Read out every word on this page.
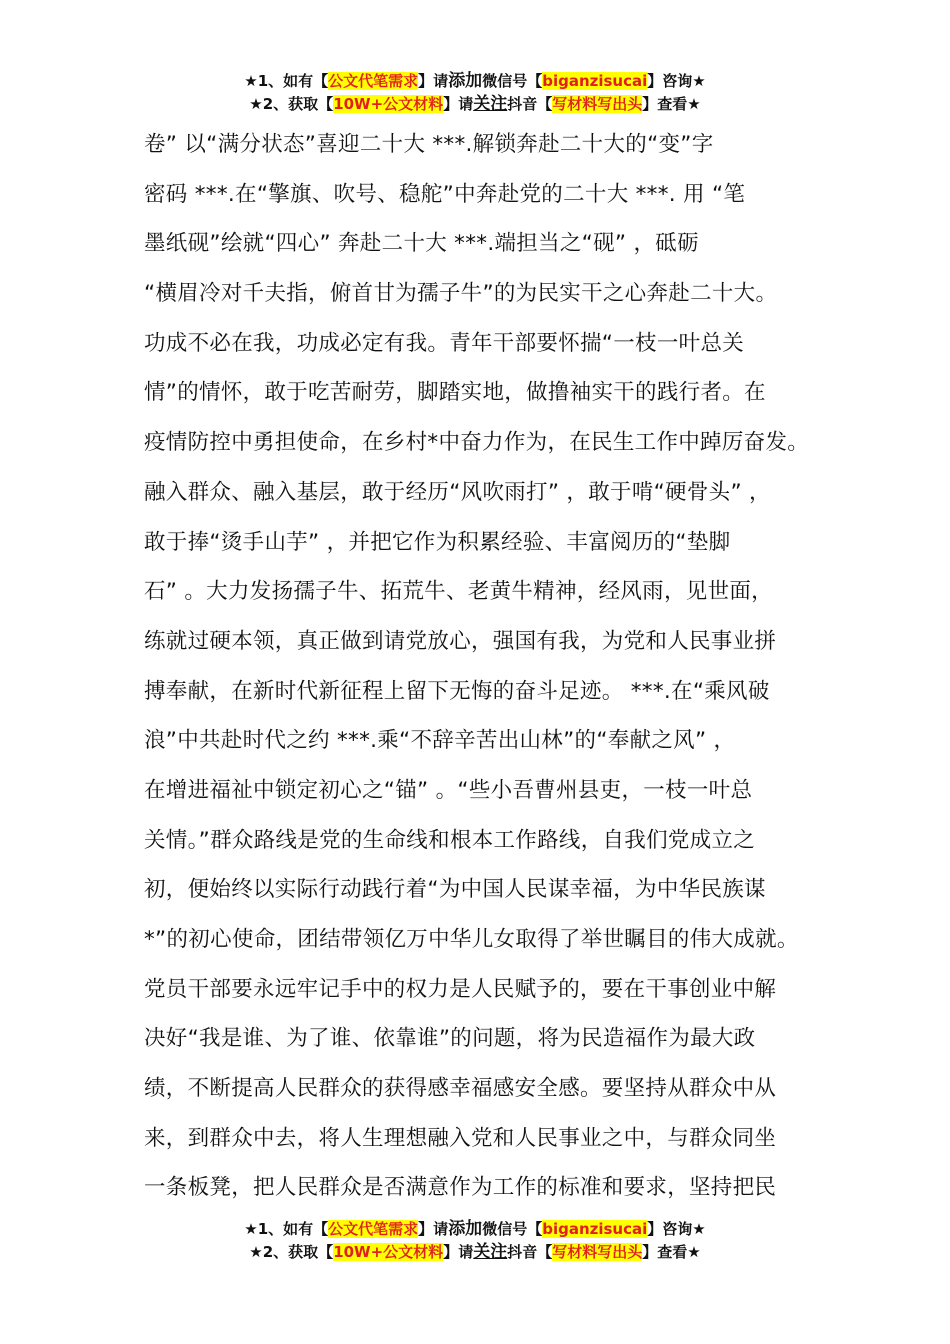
★1、如有【公文代笔需求】请添加微信号【biganzisucai】咨询★
★2、获取【10W+公文材料】请关注抖音【写材料写出头】查看★
卷” 以“满分状态”喜迎二十大 ***.解锁奔赴二十大的“变”字
密码 ***.在“擎旗、吹号、稳舵”中奔赴党的二十大 ***. 用 “笔
墨纸砚”绘就“四心” 奔赴二十大 ***.端担当之“砚” ，砥砺
“横眉冷对千夫指，俯首甘为孺子牛”的为民实干之心奔赴二十大。
功成不必在我，功成必定有我。青年干部要怀揣“一枝一叶总关
情”的情怀，敢于吃苦耐劳，脚踏实地，做撸袖实干的践行者。在
疫情防控中勇担使命，在乡村*中奋力作为，在民生工作中踔厉奋发。
融入群众、融入基层，敢于经历“风吹雨打” ，敢于啃“硬骨头” ，
敢于捧“烫手山芋” ，并把它作为积累经验、丰富阅历的“垫脚
石” 。大力发扬孺子牛、拓荒牛、老黄牛精神，经风雨，见世面，
练就过硬本领，真正做到请党放心，强国有我，为党和人民事业拼
搏奉献，在新时代新征程上留下无悔的奋斗足迹。 ***.在“乘风破
浪”中共赴时代之约 ***.乘“不辞辛苦出山林”的“奉献之风” ，
在增进福祉中锁定初心之“锚” 。“些小吾曹州县吏，一枝一叶总
关情。”群众路线是党的生命线和根本工作路线，自我们党成立之
初，便始终以实际行动践行着“为中国人民谋幸福，为中华民族谋
*”的初心使命，团结带领亿万中华儿女取得了举世瞩目的伟大成就。
党员干部要永远牢记手中的权力是人民赋予的，要在干事创业中解
决好“我是谁、为了谁、依靠谁”的问题，将为民造福作为最大政
绩，不断提高人民群众的获得感幸福感安全感。要坚持从群众中从
来，到群众中去，将人生理想融入党和人民事业之中，与群众同坐
一条板凳，把人民群众是否满意作为工作的标准和要求，坚持把民
★1、如有【公文代笔需求】请添加微信号【biganzisucai】咨询★
★2、获取【10W+公文材料】请关注抖音【写材料写出头】查看★
